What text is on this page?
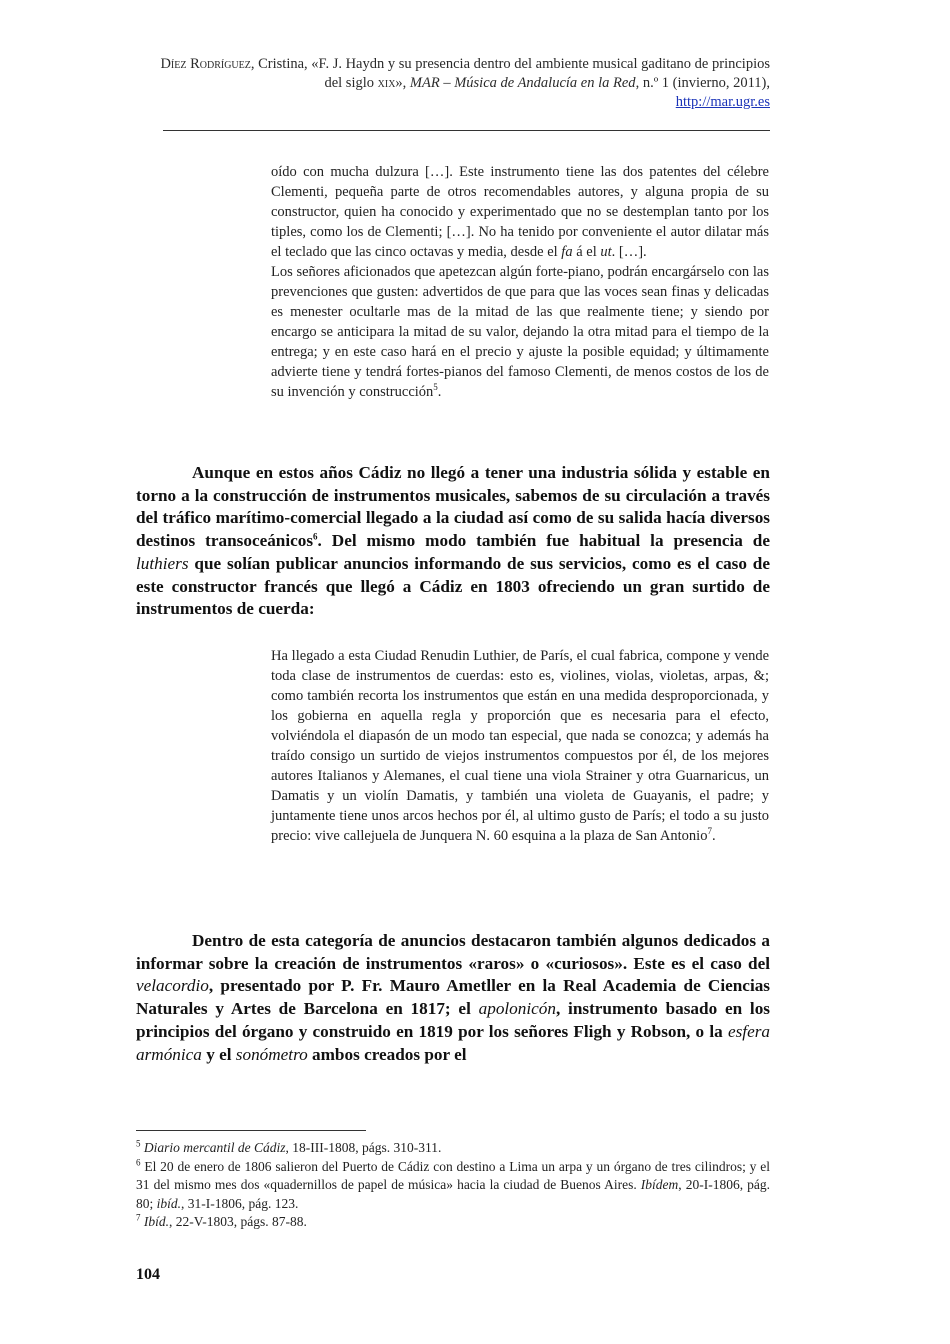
Díez Rodríguez, Cristina, «F. J. Haydn y su presencia dentro del ambiente musical gaditano de principios del siglo xix», MAR – Música de Andalucía en la Red, n.º 1 (invierno, 2011),
http://mar.ugr.es

oído con mucha dulzura […]. Este instrumento tiene las dos patentes del célebre Clementi, pequeña parte de otros recomendables autores, y alguna propia de su constructor, quien ha conocido y experimentado que no se destemplan tanto por los tiples, como los de Clementi; […]. No ha tenido por conveniente el autor dilatar más el teclado que las cinco octavas y media, desde el fa á el ut. […].

Los señores aficionados que apetezcan algún forte-piano, podrán encargárselo con las prevenciones que gusten: advertidos de que para que las voces sean finas y delicadas es menester ocultarle mas de la mitad de las que realmente tiene; y siendo por encargo se anticipara la mitad de su valor, dejando la otra mitad para el tiempo de la entrega; y en este caso hará en el precio y ajuste la posible equidad; y últimamente advierte tiene y tendrá fortes-pianos del famoso Clementi, de menos costos de los de su invención y construcción$^5$.

Aunque en estos años Cádiz no llegó a tener una industria sólida y estable en torno a la construcción de instrumentos musicales, sabemos de su circulación a través del tráfico marítimo-comercial llegado a la ciudad así como de su salida hacía diversos destinos transoceánicos$^6$. Del mismo modo también fue habitual la presencia de luthiers que solían publicar anuncios informando de sus servicios, como es el caso de este constructor francés que llegó a Cádiz en 1803 ofreciendo un gran surtido de instrumentos de cuerda:

Ha llegado a esta Ciudad Renudin Luthier, de París, el cual fabrica, compone y vende toda clase de instrumentos de cuerdas: esto es, violines, violas, violetas, arpas, &; como también recorta los instrumentos que están en una medida desproporcionada, y los gobierna en aquella regla y proporción que es necesaria para el efecto, volviéndola el diapasón de un modo tan especial, que nada se conozca; y además ha traído consigo un surtido de viejos instrumentos compuestos por él, de los mejores autores Italianos y Alemanes, el cual tiene una viola Strainer y otra Guarnaricus, un Damatis y un violín Damatis, y también una violeta de Guayanis, el padre; y juntamente tiene unos arcos hechos por él, al ultimo gusto de París; el todo a su justo precio: vive callejuela de Junquera N. 60 esquina a la plaza de San Antonio$^7$.

Dentro de esta categoría de anuncios destacaron también algunos dedicados a informar sobre la creación de instrumentos «raros» o «curiosos». Este es el caso del velacordio, presentado por P. Fr. Mauro Ametller en la Real Academia de Ciencias Naturales y Artes de Barcelona en 1817; el apolonicón, instrumento basado en los principios del órgano y construido en 1819 por los señores Fligh y Robson, o la esfera armónica y el sonómetro ambos creados por el

$^5$ Diario mercantil de Cádiz, 18-III-1808, págs. 310-311.

$^6$ El 20 de enero de 1806 salieron del Puerto de Cádiz con destino a Lima un arpa y un órgano de tres cilindros; y el 31 del mismo mes dos «quadernillos de papel de música» hacia la ciudad de Buenos Aires. Ibídem, 20-I-1806, pág. 80; ibíd., 31-I-1806, pág. 123.

$^7$ Ibíd., 22-V-1803, págs. 87-88.

104
